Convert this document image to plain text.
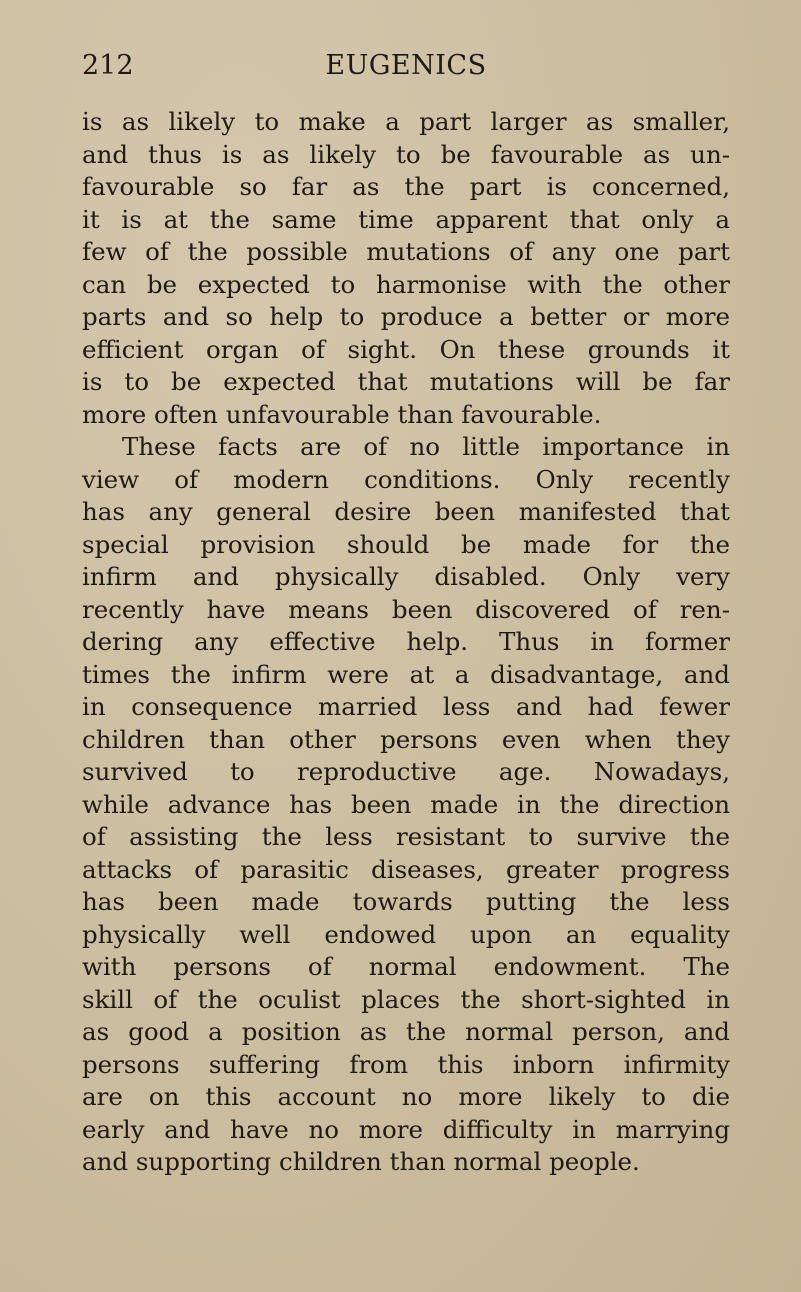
212	EUGENICS
is as likely to make a part larger as smaller,
and thus is as likely to be favourable as un-
favourable so far as the part is concerned,
it is at the same time apparent that only a
few of the possible mutations of any one part
can be expected to harmonise with the other
parts and so help to produce a better or more
efficient organ of sight. On these grounds it
is to be expected that mutations will be far
more often unfavourable than favourable.
These facts are of no little importance in
view of modern conditions. Only recently
has any general desire been manifested that
special provision should be made for the
infirm and physically disabled. Only very
recently have means been discovered of ren-
dering any effective help. Thus in former
times the infirm were at a disadvantage, and
in consequence married less and had fewer
children than other persons even when they
survived to reproductive age. Nowadays,
while advance has been made in the direction
of assisting the less resistant to survive the
attacks of parasitic diseases, greater progress
has been made towards putting the less
physically well endowed upon an equality
with persons of normal endowment. The
skill of the oculist places the short-sighted in
as good a position as the normal person, and
persons suffering from this inborn infirmity
are on this account no more likely to die
early and have no more difficulty in marrying
and supporting children than normal people.
